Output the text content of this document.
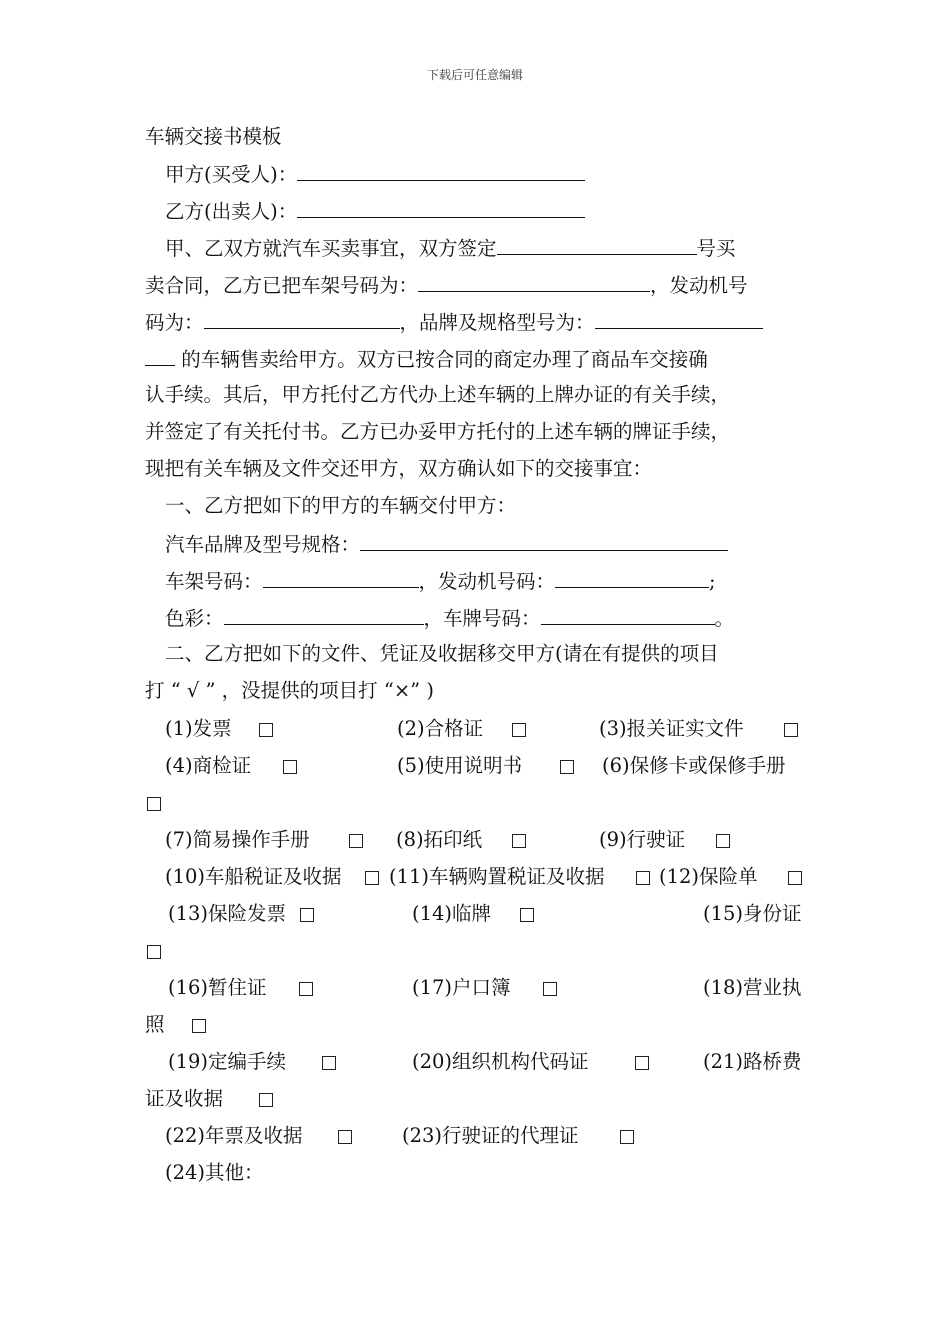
下载后可任意编辑
车辆交接书模板
甲方(买受人)：
乙方(出卖人)：
甲、乙双方就汽车买卖事宜，双方签定	号买
卖合同，乙方已把车架号码为：	，发动机号
码为：	，品牌及规格型号为：
的车辆售卖给甲方。双方已按合同的商定办理了商品车交接确
认手续。其后，甲方托付乙方代办上述车辆的上牌办证的有关手续，
并签定了有关托付书。乙方已办妥甲方托付的上述车辆的牌证手续，
现把有关车辆及文件交还甲方，双方确认如下的交接事宜：
一、乙方把如下的甲方的车辆交付甲方：
汽车品牌及型号规格：
车架号码：	，发动机号码：	;
色彩：	，车牌号码：	。
二、乙方把如下的文件、凭证及收据移交甲方(请在有提供的项目
打 “ √ ” ，没提供的项目打 “×” )
(1)发票	(2)合格证	(3)报关证实文件
(4)商检证	(5)使用说明书	(6)保修卡或保修手册
(7)简易操作手册	(8)拓印纸	(9)行驶证
(10)车船税证及收据 (11)车辆购置税证及收据	(12)保险单
(13)保险发票	(14)临牌	(15)身份证
(16)暂住证	(17)户口簿	(18)营业执
照
(19)定编手续	(20)组织机构代码证	(21)路桥费
证及收据
(22)年票及收据	(23)行驶证的代理证
(24)其他：
